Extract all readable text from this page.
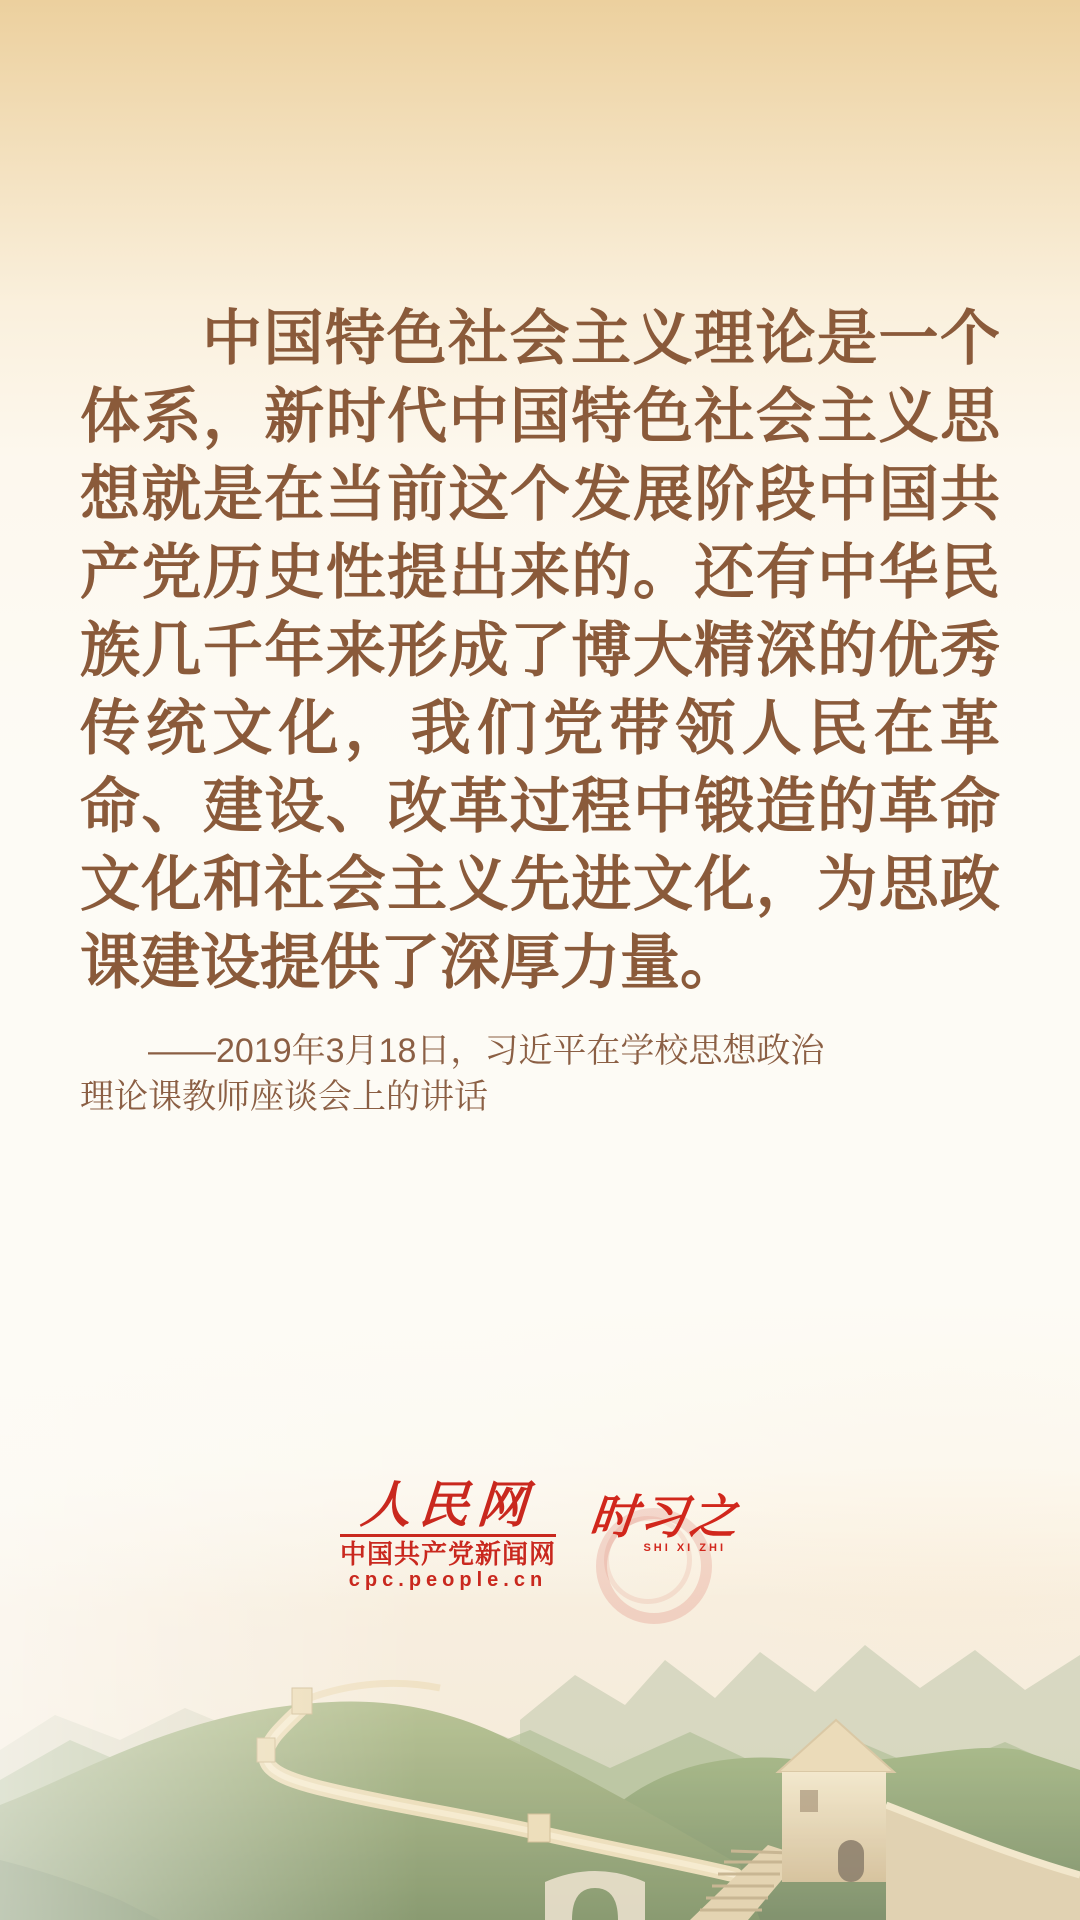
中国特色社会主义理论是一个
体系，新时代中国特色社会主义思
想就是在当前这个发展阶段中国共
产党历史性提出来的。还有中华民
族几千年来形成了博大精深的优秀
传统文化，我们党带领人民在革
命、建设、改革过程中锻造的革命
文化和社会主义先进文化，为思政
课建设提供了深厚力量。
——2019年3月18日，习近平在学校思想政治
理论课教师座谈会上的讲话
人民网
中国共产党新闻网
cpc.people.cn
时习之
SHI XI ZHI
